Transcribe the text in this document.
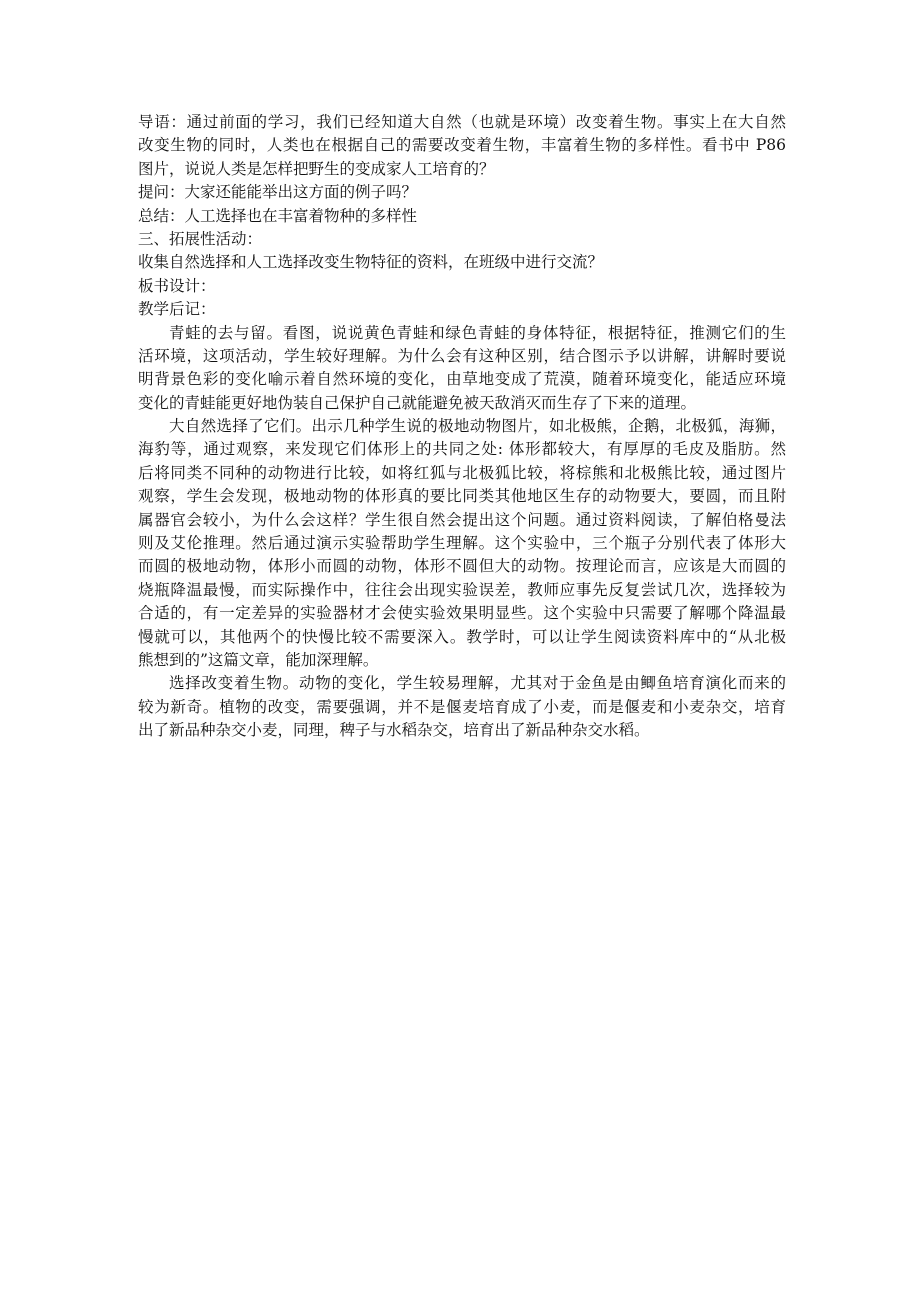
导语：通过前面的学习，我们已经知道大自然（也就是环境）改变着生物。事实上在大自然
改变生物的同时，人类也在根据自己的需要改变着生物，丰富着生物的多样性。看书中 P86
图片，说说人类是怎样把野生的变成家人工培育的？
提问：大家还能能举出这方面的例子吗？
总结：人工选择也在丰富着物种的多样性
三、拓展性活动：
收集自然选择和人工选择改变生物特征的资料，在班级中进行交流？
板书设计：
教学后记：
青蛙的去与留。看图，说说黄色青蛙和绿色青蛙的身体特征，根据特征，推测它们的生
活环境，这项活动，学生较好理解。为什么会有这种区别，结合图示予以讲解，讲解时要说
明背景色彩的变化喻示着自然环境的变化，由草地变成了荒漠，随着环境变化，能适应环境
变化的青蛙能更好地伪装自己保护自己就能避免被天敌消灭而生存了下来的道理。
大自然选择了它们。出示几种学生说的极地动物图片，如北极熊，企鹅，北极狐，海狮，
海豹等，通过观察，来发现它们体形上的共同之处: 体形都较大，有厚厚的毛皮及脂肪。然
后将同类不同种的动物进行比较，如将红狐与北极狐比较，将棕熊和北极熊比较，通过图片
观察，学生会发现，极地动物的体形真的要比同类其他地区生存的动物要大，要圆，而且附
属器官会较小，为什么会这样？学生很自然会提出这个问题。通过资料阅读，了解伯格曼法
则及艾伦推理。然后通过演示实验帮助学生理解。这个实验中，三个瓶子分别代表了体形大
而圆的极地动物，体形小而圆的动物，体形不圆但大的动物。按理论而言，应该是大而圆的
烧瓶降温最慢，而实际操作中，往往会出现实验误差，教师应事先反复尝试几次，选择较为
合适的，有一定差异的实验器材才会使实验效果明显些。这个实验中只需要了解哪个降温最
慢就可以，其他两个的快慢比较不需要深入。教学时，可以让学生阅读资料库中的“从北极
熊想到的”这篇文章，能加深理解。
选择改变着生物。动物的变化，学生较易理解，尤其对于金鱼是由鲫鱼培育演化而来的
较为新奇。植物的改变，需要强调，并不是偃麦培育成了小麦，而是偃麦和小麦杂交，培育
出了新品种杂交小麦，同理，稗子与水稻杂交，培育出了新品种杂交水稻。
